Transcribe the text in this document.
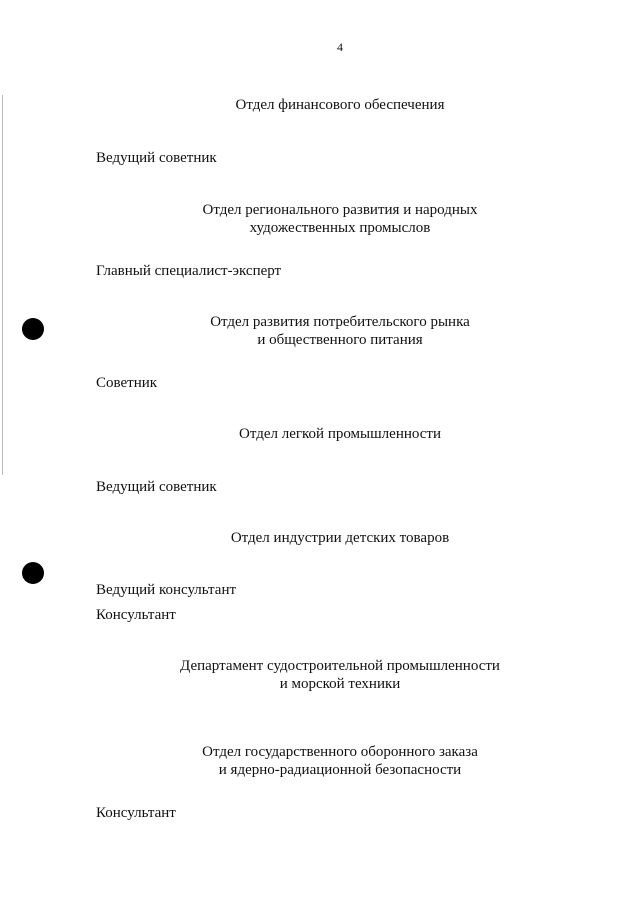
4
Отдел финансового обеспечения
Ведущий советник
Отдел регионального развития и народных
художественных промыслов
Главный специалист-эксперт
Отдел развития потребительского рынка
и общественного питания
Советник
Отдел легкой промышленности
Ведущий советник
Отдел индустрии детских товаров
Ведущий консультант
Консультант
Департамент судостроительной промышленности
и морской техники
Отдел государственного оборонного заказа
и ядерно-радиационной безопасности
Консультант
